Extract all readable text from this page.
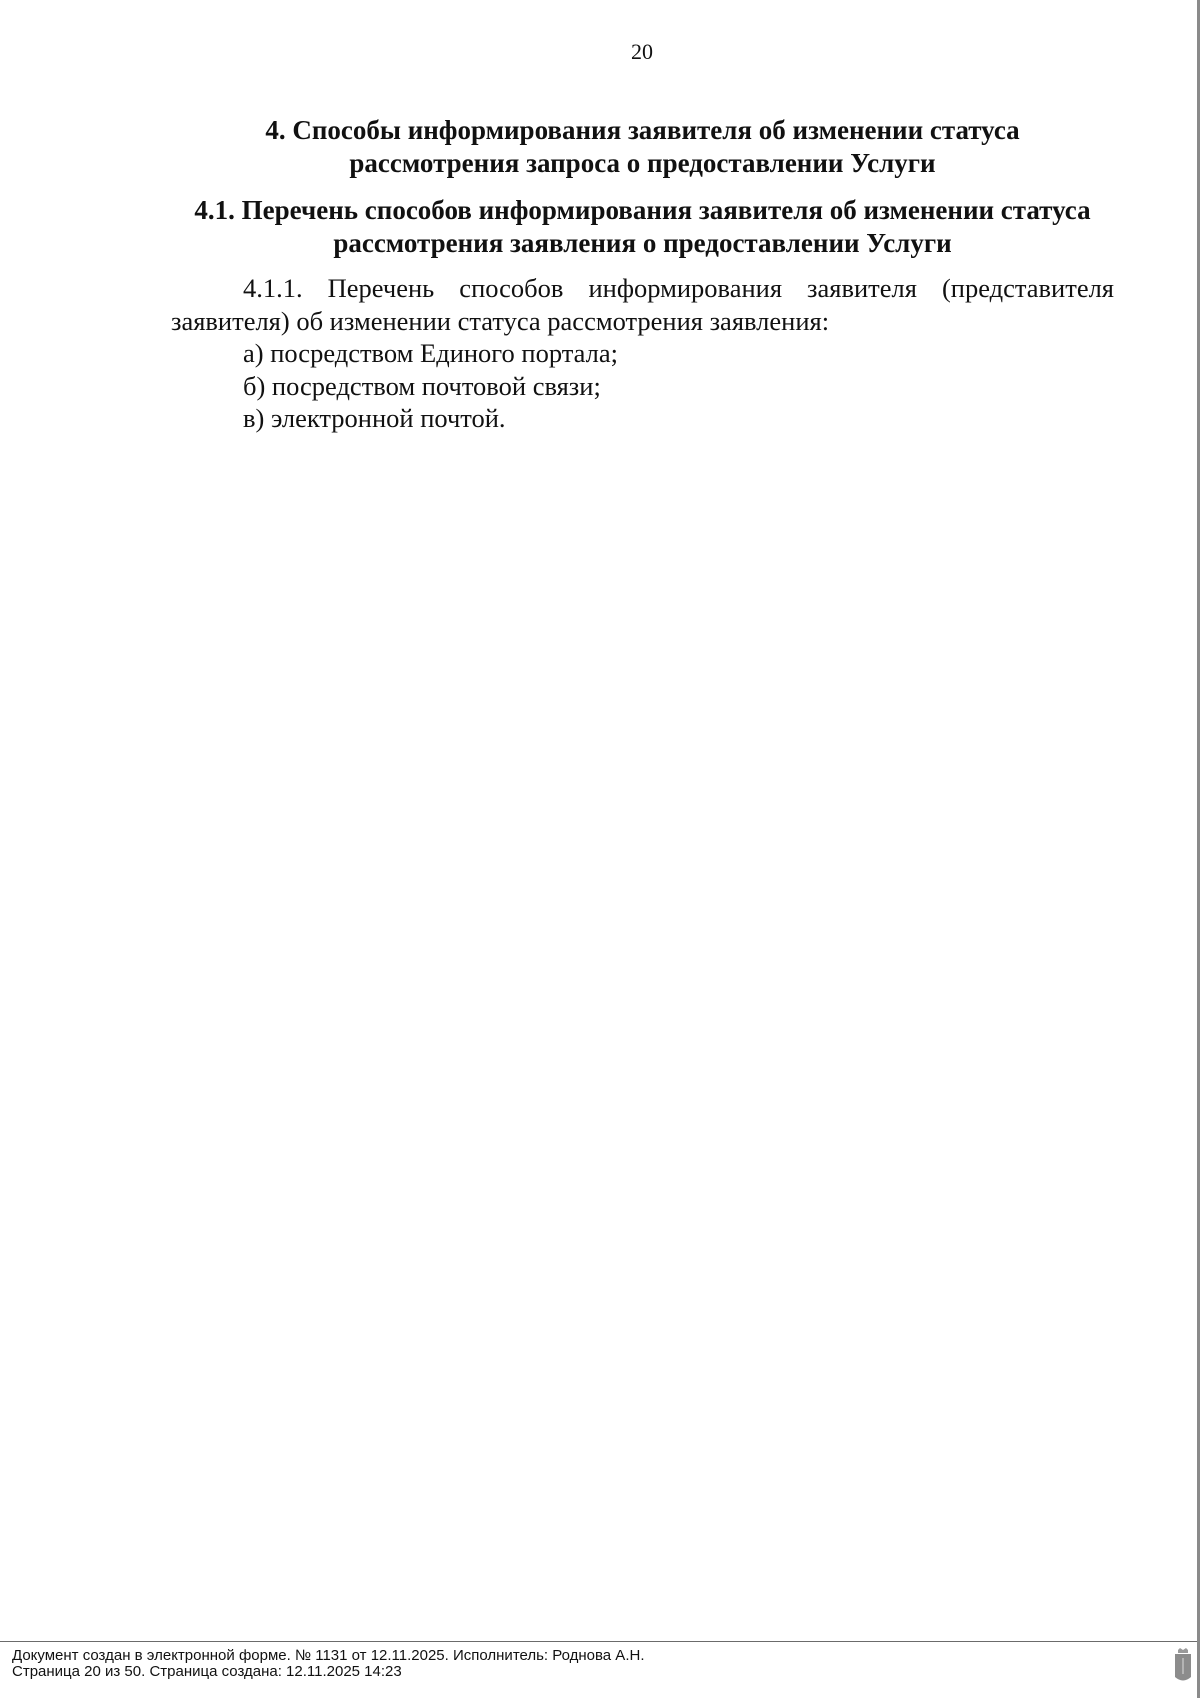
20
4. Способы информирования заявителя об изменении статуса
рассмотрения запроса о предоставлении Услуги
4.1. Перечень способов информирования заявителя об изменении статуса
рассмотрения заявления о предоставлении Услуги

4.1.1. Перечень способов информирования заявителя (представителя заявителя) об изменении статуса рассмотрения заявления:

а) посредством Единого портала;

б) посредством почтовой связи;

в) электронной почтой.

Документ создан в электронной форме. № 1131 от 12.11.2025. Исполнитель: Роднова А.Н.
Страница 20 из 50. Страница создана: 12.11.2025 14:23
